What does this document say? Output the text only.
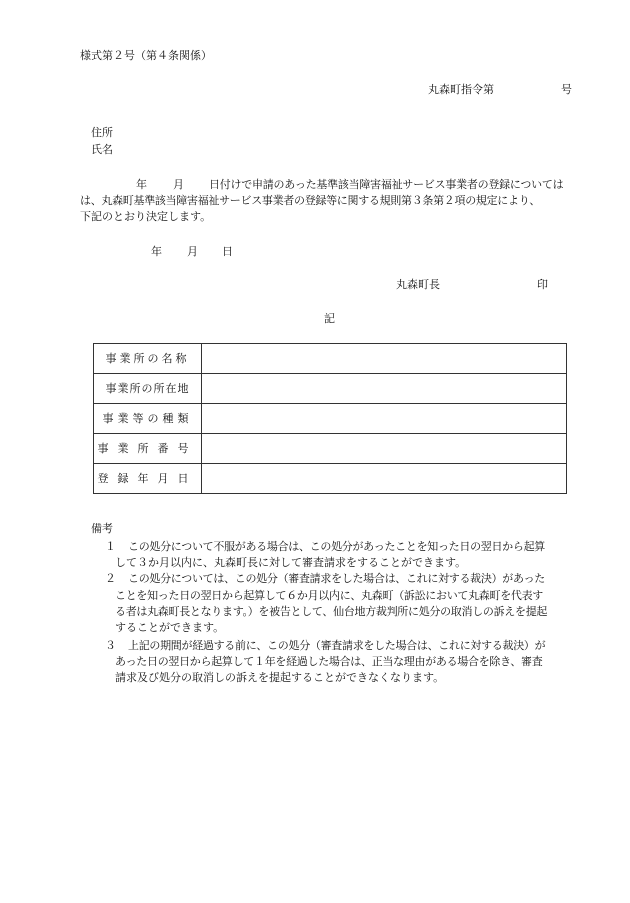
様式第２号（第４条関係）
丸森町指令第	号
住所
氏名
年 月 日付けで申請のあった基準該当障害福祉サービス事業者の登録については
は、丸森町基準該当障害福祉サービス事業者の登録等に関する規則第３条第２項の規定により、
下記のとおり決定します。
年 月 日
丸森町長	印
記
事業所の名称	
事業所の所在地	
事業等の種類	
事業所番号	
登録年月日	
備考
１ この処分について不服がある場合は、この処分があったことを知った日の翌日から起算
して３か月以内に、丸森町長に対して審査請求をすることができます。
２ この処分については、この処分（審査請求をした場合は、これに対する裁決）があった
ことを知った日の翌日から起算して６か月以内に、丸森町（訴訟において丸森町を代表す
る者は丸森町長となります。）を被告として、仙台地方裁判所に処分の取消しの訴えを提起
することができます。
３ 上記の期間が経過する前に、この処分（審査請求をした場合は、これに対する裁決）が
あった日の翌日から起算して１年を経過した場合は、正当な理由がある場合を除き、審査
請求及び処分の取消しの訴えを提起することができなくなります。
